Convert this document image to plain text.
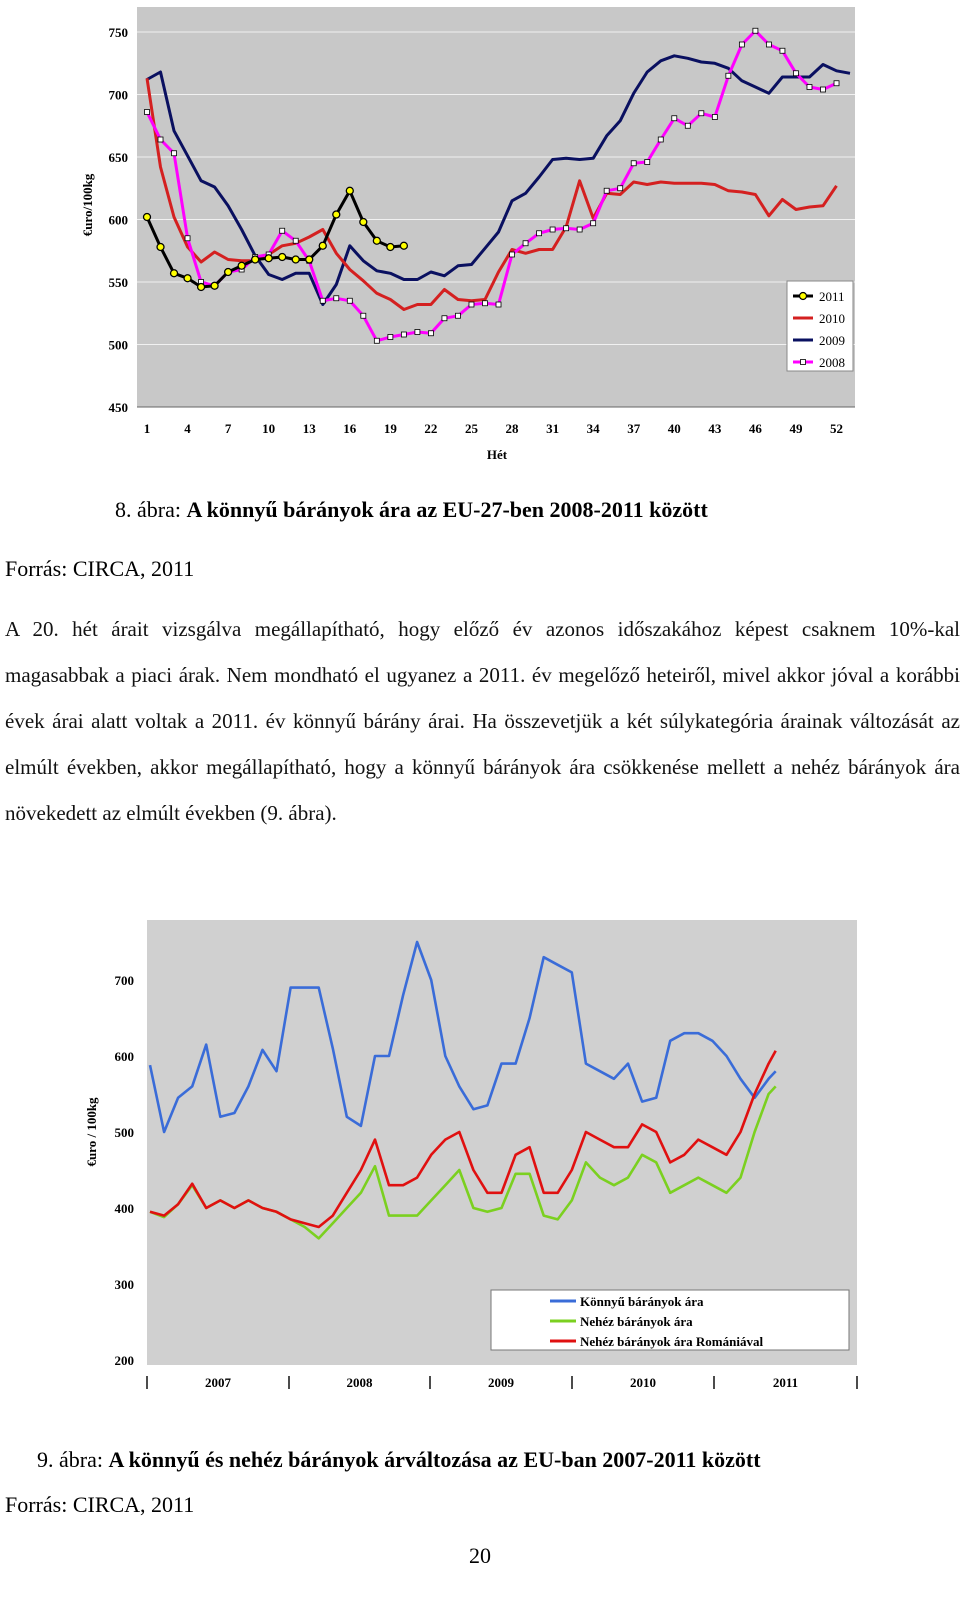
450
500
550
600
650
700
750
1	4	7 10 13 16 19 22 25 28 31 34 37 40 43 46 49 52
€uro/100kg
Hét
2011
2010
2009
2008
8. ábra: A könnyű bárányok ára az EU-27-ben 2008-2011 között
Forrás: CIRCA, 2011
A 20. hét árait vizsgálva megállapítható, hogy előző év azonos időszakához képest csaknem 10%-kal magasabbak a piaci árak. Nem mondható el ugyanez a 2011. év megelőző heteiről, mivel akkor jóval a korábbi évek árai alatt voltak a 2011. év könnyű bárány árai. Ha összevetjük a két súlykategória árainak változását az elmúlt években, akkor megállapítható, hogy a könnyű bárányok ára csökkenése mellett a nehéz bárányok ára növekedett az elmúlt években (9. ábra).
200
300
400
500
600
700
2007	2008	2009	2010	2011
€uro / 100kg
Könnyű bárányok ára
Nehéz bárányok ára
Nehéz bárányok ára Romániával
9. ábra: A könnyű és nehéz bárányok árváltozása az EU-ban 2007-2011 között
Forrás: CIRCA, 2011
20
